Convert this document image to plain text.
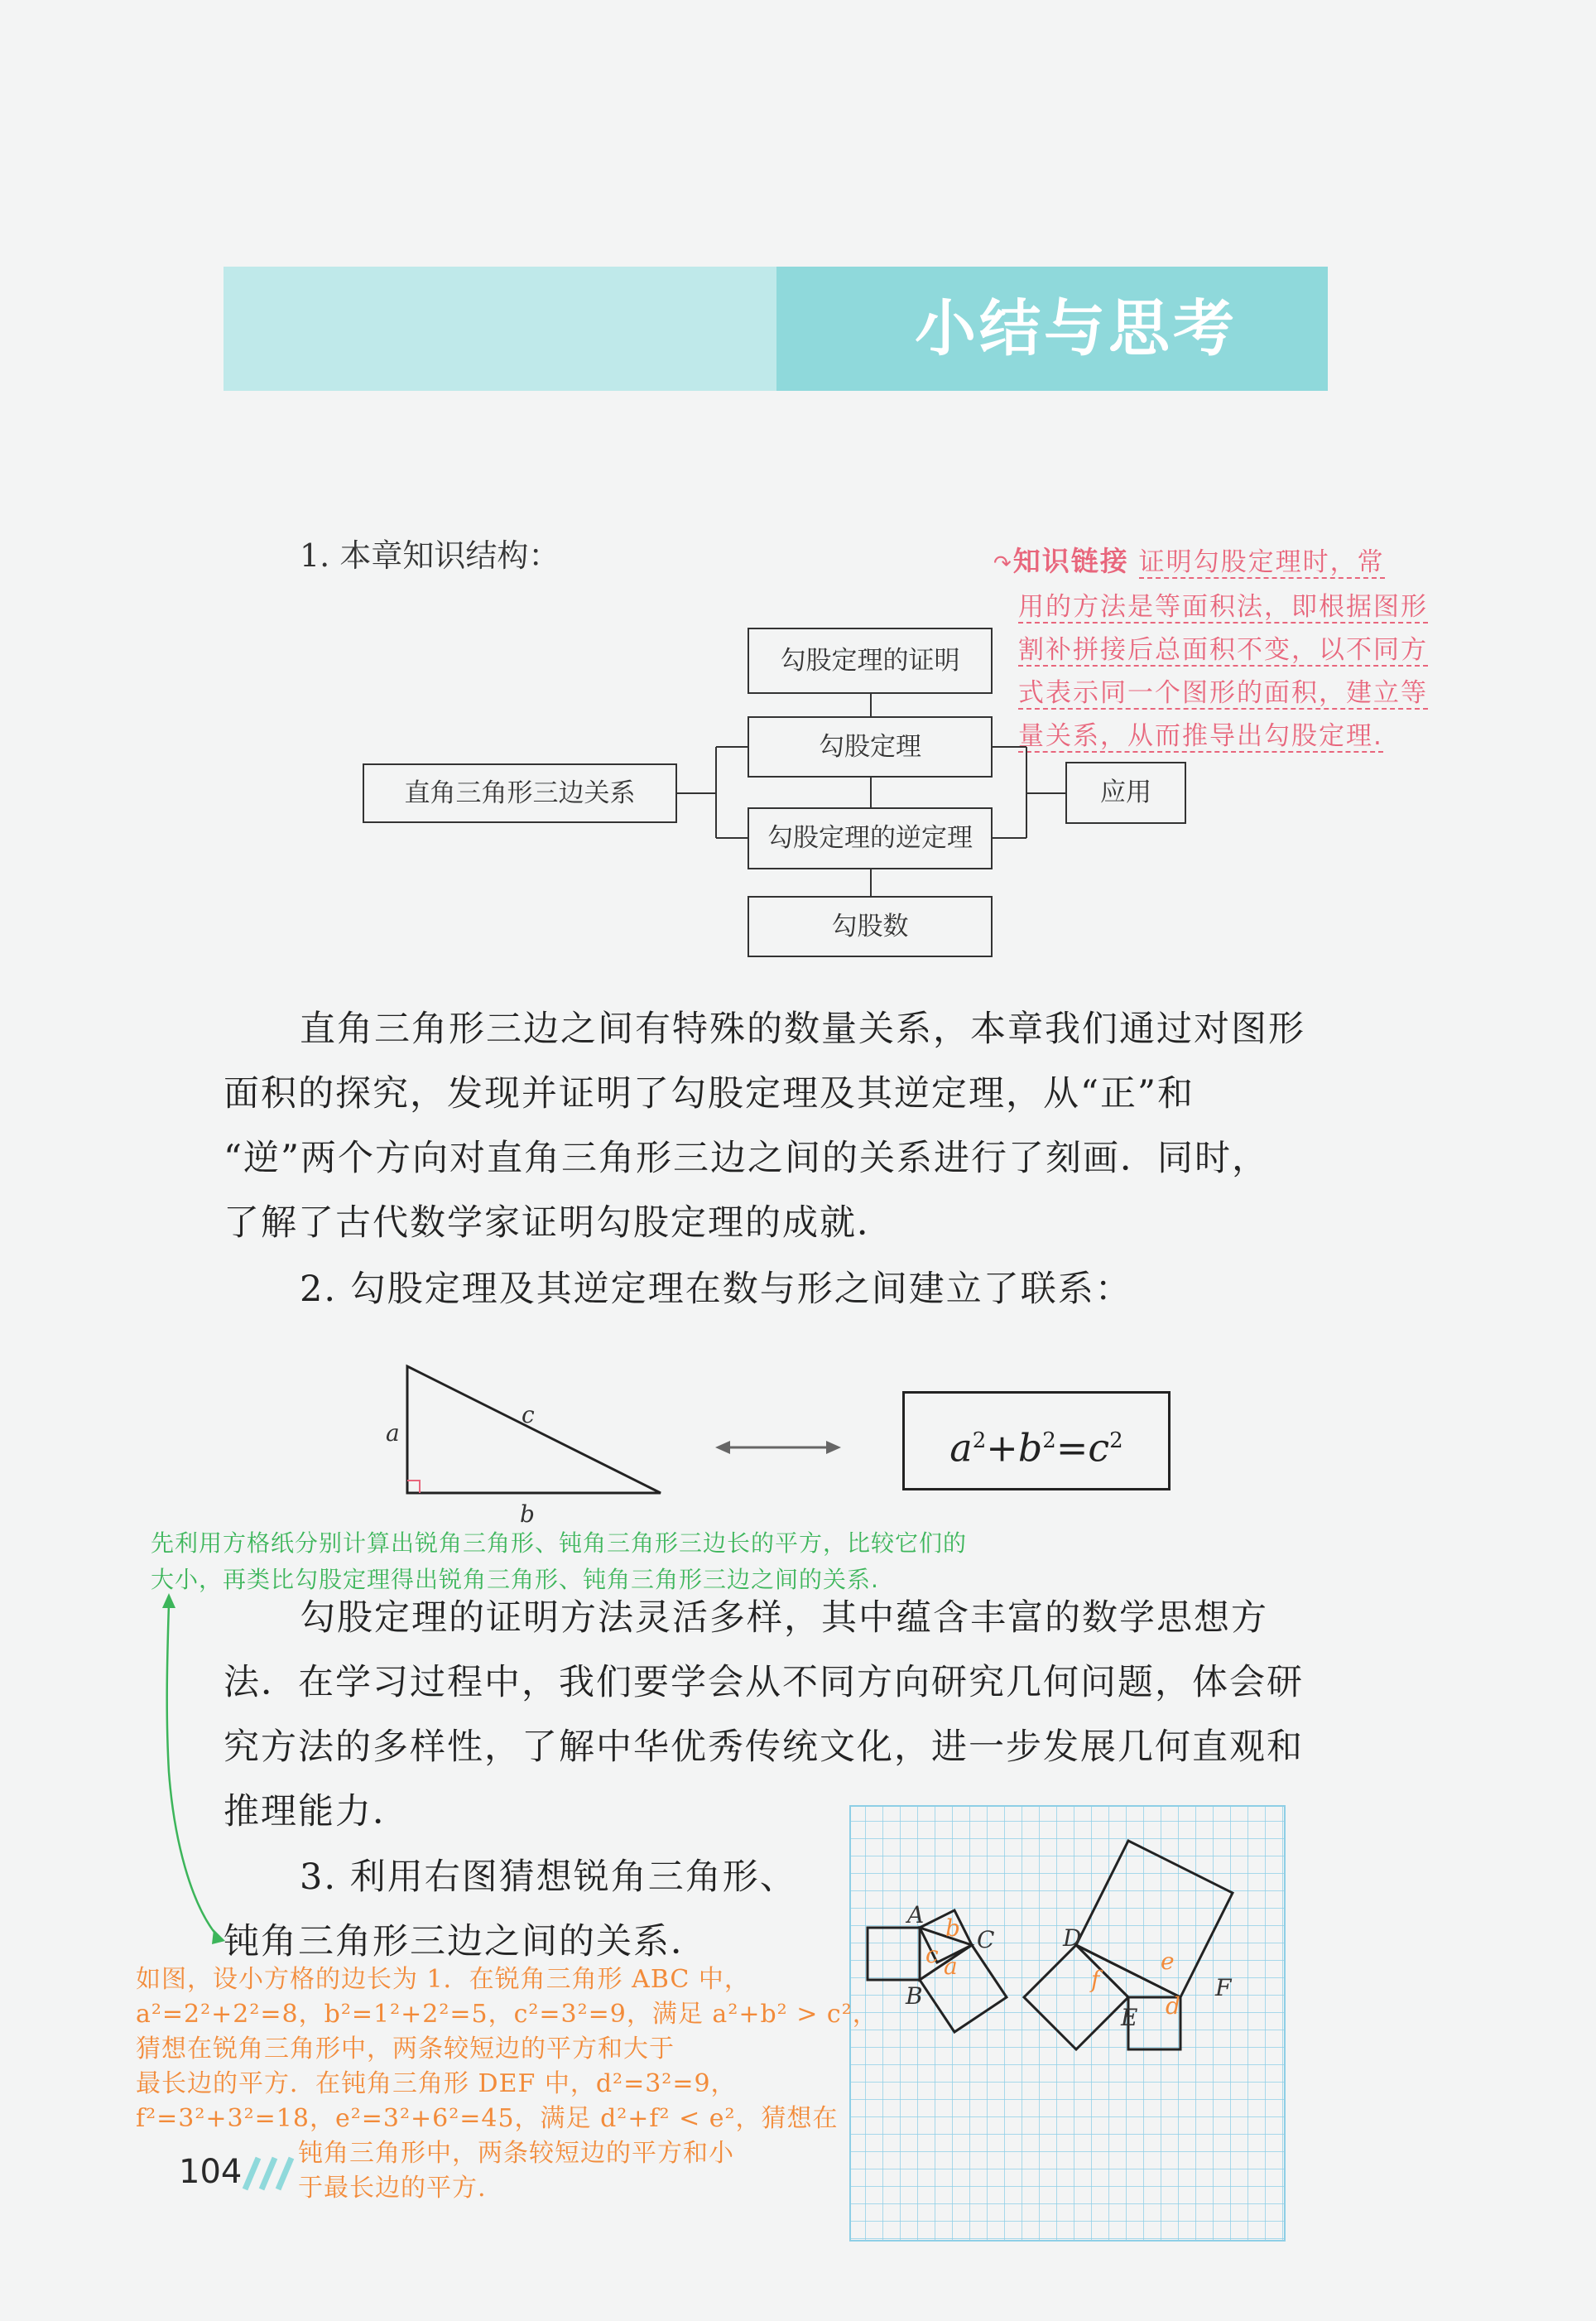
小结与思考
1. 本章知识结构：	↷知识链接 证明勾股定理时，常
用的方法是等面积法，即根据图形
割补拼接后总面积不变，以不同方
式表示同一个图形的面积，建立等
量关系，从而推导出勾股定理.
直角三角形三边关系
勾股定理的证明
勾股定理
勾股定理的逆定理
勾股数
应用
直角三角形三边之间有特殊的数量关系，本章我们通过对图形
面积的探究，发现并证明了勾股定理及其逆定理，从“正”和
“逆”两个方向对直角三角形三边之间的关系进行了刻画．同时，
了解了古代数学家证明勾股定理的成就．
2. 勾股定理及其逆定理在数与形之间建立了联系：
a
c
b
$a^2+b^2=c^2$
先利用方格纸分别计算出锐角三角形、钝角三角形三边长的平方，比较它们的
大小，再类比勾股定理得出锐角三角形、钝角三角形三边之间的关系.
勾股定理的证明方法灵活多样，其中蕴含丰富的数学思想方
法．在学习过程中，我们要学会从不同方向研究几何问题，体会研
究方法的多样性，了解中华优秀传统文化，进一步发展几何直观和
推理能力．
3. 利用右图猜想锐角三角形、
钝角三角形三边之间的关系．
A
B
C
a
b
c
D
E
F
d
e
f
如图，设小方格的边长为 1．在锐角三角形 ABC 中，
a²=2²+2²=8，b²=1²+2²=5，c²=3²=9，满足 a²+b² > c²，
猜想在锐角三角形中，两条较短边的平方和大于
最长边的平方．在钝角三角形 DEF 中，d²=3²=9，
f²=3²+3²=18，e²=3²+6²=45，满足 d²+f² < e²，猜想在
钝角三角形中，两条较短边的平方和小
于最长边的平方.
104
